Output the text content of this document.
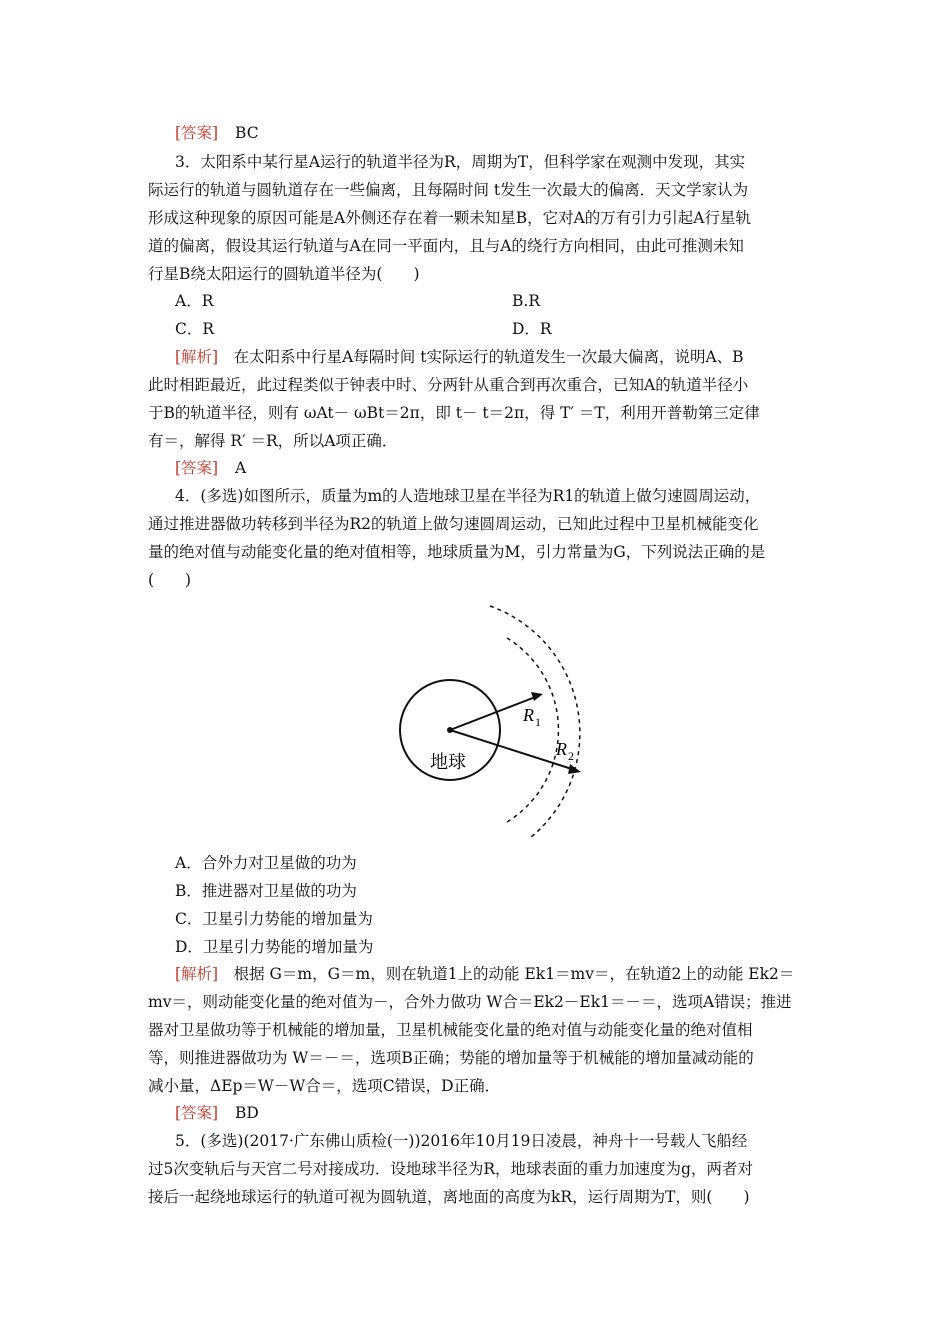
[答案] BC
3．太阳系中某行星A运行的轨道半径为R，周期为T，但科学家在观测中发现，其实
际运行的轨道与圆轨道存在一些偏离，且每隔时间 t发生一次最大的偏离．天文学家认为
形成这种现象的原因可能是A外侧还存在着一颗未知星B，它对A的万有引力引起A行星轨
道的偏离，假设其运行轨道与A在同一平面内，且与A的绕行方向相同，由此可推测未知
行星B绕太阳运行的圆轨道半径为(　　)
A．R	B.R
C．R	D．R
[解析]　在太阳系中行星A每隔时间 t实际运行的轨道发生一次最大偏离，说明A、B
此时相距最近，此过程类似于钟表中时、分两针从重合到再次重合，已知A的轨道半径小
于B的轨道半径，则有 ωAt－ ωBt＝2π，即 t－ t＝2π，得 T′ ＝T，利用开普勒第三定律
有＝，解得 R′ ＝R，所以A项正确．
[答案] A
4．(多选)如图所示，质量为m的人造地球卫星在半径为R1的轨道上做匀速圆周运动，
通过推进器做功转移到半径为R2的轨道上做匀速圆周运动，已知此过程中卫星机械能变化
量的绝对值与动能变化量的绝对值相等，地球质量为M，引力常量为G，下列说法正确的是
(　　)
R 1
R 2
地球
A．合外力对卫星做的功为
B．推进器对卫星做的功为
C．卫星引力势能的增加量为
D．卫星引力势能的增加量为
[解析]　根据 G＝m，G＝m，则在轨道1上的动能 Ek1＝mv＝，在轨道2上的动能 Ek2＝
mv＝，则动能变化量的绝对值为－，合外力做功 W合＝Ek2－Ek1＝－＝，选项A错误；推进
器对卫星做功等于机械能的增加量，卫星机械能变化量的绝对值与动能变化量的绝对值相
等，则推进器做功为 W＝－＝，选项B正确；势能的增加量等于机械能的增加量减动能的
减小量，ΔEp＝W－W合＝，选项C错误，D正确．
[答案] BD
5．(多选)(2017·广东佛山质检(一))2016年10月19日凌晨，神舟十一号载人飞船经
过5次变轨后与天宫二号对接成功．设地球半径为R，地球表面的重力加速度为g，两者对
接后一起绕地球运行的轨道可视为圆轨道，离地面的高度为kR，运行周期为T，则(　　)
